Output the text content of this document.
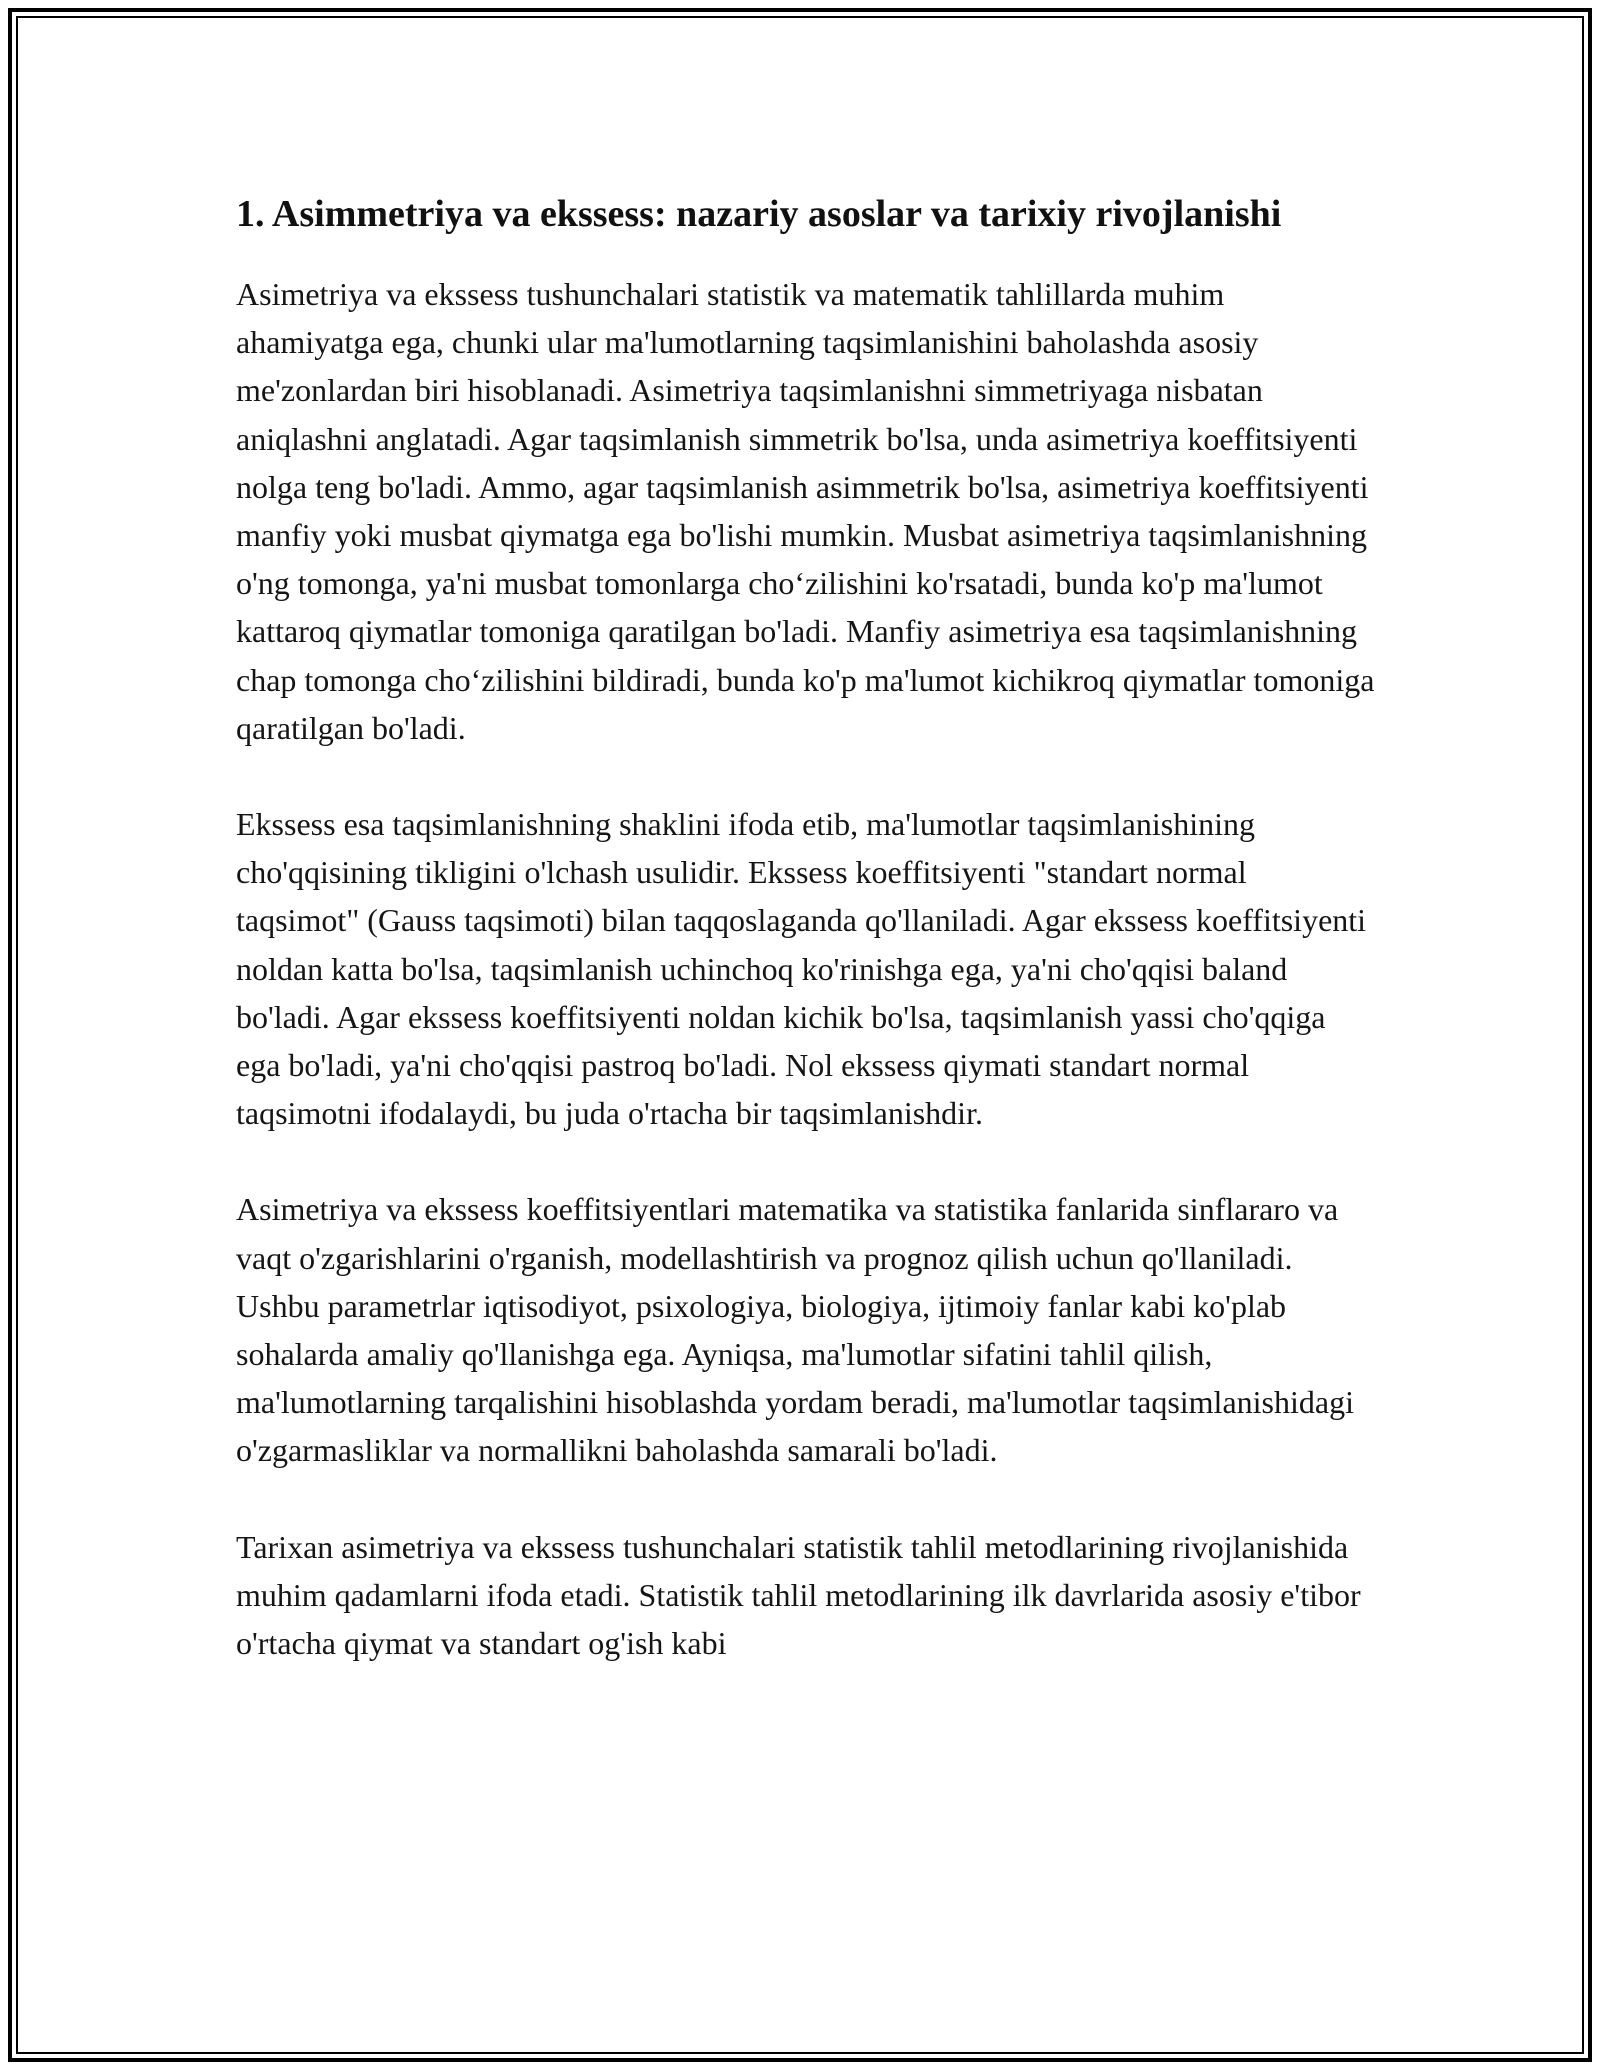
1. Asimmetriya va ekssess: nazariy asoslar va tarixiy rivojlanishi

Asimetriya va ekssess tushunchalari statistik va matematik tahlillarda muhim ahamiyatga ega, chunki ular ma'lumotlarning taqsimlanishini baholashda asosiy me'zonlardan biri hisoblanadi. Asimetriya taqsimlanishni simmetriyaga nisbatan aniqlashni anglatadi. Agar taqsimlanish simmetrik bo'lsa, unda asimetriya koeffitsiyenti nolga teng bo'ladi. Ammo, agar taqsimlanish asimmetrik bo'lsa, asimetriya koeffitsiyenti manfiy yoki musbat qiymatga ega bo'lishi mumkin. Musbat asimetriya taqsimlanishning o'ng tomonga, ya'ni musbat tomonlarga cho‘zilishini ko'rsatadi, bunda ko'p ma'lumot kattaroq qiymatlar tomoniga qaratilgan bo'ladi. Manfiy asimetriya esa taqsimlanishning chap tomonga cho‘zilishini bildiradi, bunda ko'p ma'lumot kichikroq qiymatlar tomoniga qaratilgan bo'ladi.

Ekssess esa taqsimlanishning shaklini ifoda etib, ma'lumotlar taqsimlanishining cho'qqisining tikligini o'lchash usulidir. Ekssess koeffitsiyenti "standart normal taqsimot" (Gauss taqsimoti) bilan taqqoslaganda qo'llaniladi. Agar ekssess koeffitsiyenti noldan katta bo'lsa, taqsimlanish uchinchoq ko'rinishga ega, ya'ni cho'qqisi baland bo'ladi. Agar ekssess koeffitsiyenti noldan kichik bo'lsa, taqsimlanish yassi cho'qqiga ega bo'ladi, ya'ni cho'qqisi pastroq bo'ladi. Nol ekssess qiymati standart normal taqsimotni ifodalaydi, bu juda o'rtacha bir taqsimlanishdir.

Asimetriya va ekssess koeffitsiyentlari matematika va statistika fanlarida sinflararo va vaqt o'zgarishlarini o'rganish, modellashtirish va prognoz qilish uchun qo'llaniladi. Ushbu parametrlar iqtisodiyot, psixologiya, biologiya, ijtimoiy fanlar kabi ko'plab sohalarda amaliy qo'llanishga ega. Ayniqsa, ma'lumotlar sifatini tahlil qilish, ma'lumotlarning tarqalishini hisoblashda yordam beradi, ma'lumotlar taqsimlanishidagi o'zgarmasliklar va normallikni baholashda samarali bo'ladi.

Tarixan asimetriya va ekssess tushunchalari statistik tahlil metodlarining rivojlanishida muhim qadamlarni ifoda etadi. Statistik tahlil metodlarining ilk davrlarida asosiy e'tibor o'rtacha qiymat va standart og'ish kabi
